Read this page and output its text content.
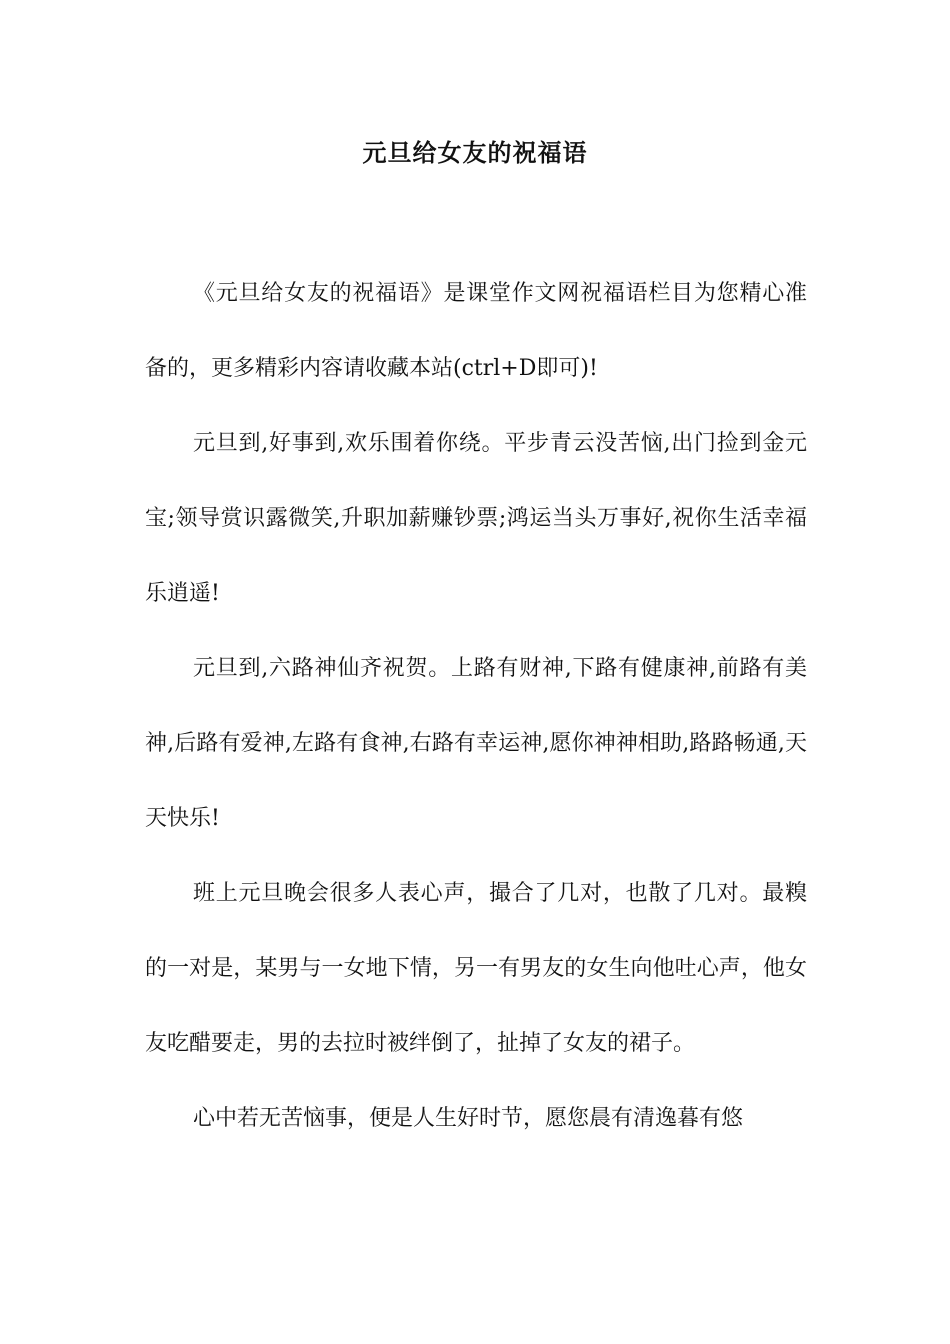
元旦给女友的祝福语

《元旦给女友的祝福语》是课堂作文网祝福语栏目为您精心准备的，更多精彩内容请收藏本站(ctrl+D即可)!

元旦到,好事到,欢乐围着你绕。平步青云没苦恼,出门捡到金元宝;领导赏识露微笑,升职加薪赚钞票;鸿运当头万事好,祝你生活幸福乐逍遥!

元旦到,六路神仙齐祝贺。上路有财神,下路有健康神,前路有美神,后路有爱神,左路有食神,右路有幸运神,愿你神神相助,路路畅通,天天快乐!

班上元旦晚会很多人表心声，撮合了几对，也散了几对。最糗的一对是，某男与一女地下情，另一有男友的女生向他吐心声，他女友吃醋要走，男的去拉时被绊倒了，扯掉了女友的裙子。

心中若无苦恼事，便是人生好时节，愿您晨有清逸暮有悠
